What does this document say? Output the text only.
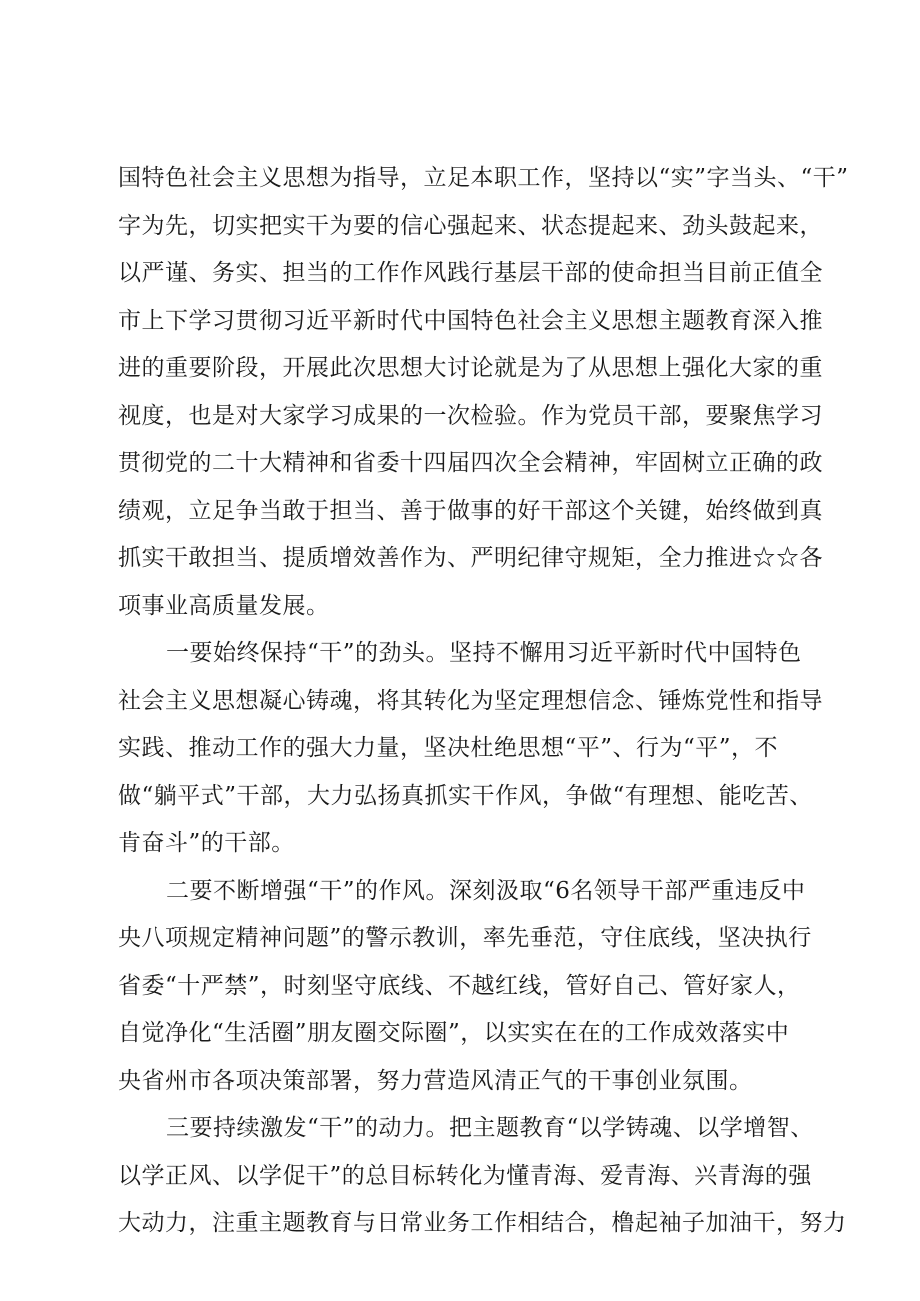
国特色社会主义思想为指导，立足本职工作，坚持以“实”字当头、“干”
字为先，切实把实干为要的信心强起来、状态提起来、劲头鼓起来，
以严谨、务实、担当的工作作风践行基层干部的使命担当目前正值全
市上下学习贯彻习近平新时代中国特色社会主义思想主题教育深入推
进的重要阶段，开展此次思想大讨论就是为了从思想上强化大家的重
视度，也是对大家学习成果的一次检验。作为党员干部，要聚焦学习
贯彻党的二十大精神和省委十四届四次全会精神，牢固树立正确的政
绩观，立足争当敢于担当、善于做事的好干部这个关键，始终做到真
抓实干敢担当、提质增效善作为、严明纪律守规矩，全力推进☆☆各
项事业高质量发展。
一要始终保持“干”的劲头。坚持不懈用习近平新时代中国特色
社会主义思想凝心铸魂，将其转化为坚定理想信念、锤炼党性和指导
实践、推动工作的强大力量，坚决杜绝思想“平”、行为“平”，不
做“躺平式”干部，大力弘扬真抓实干作风，争做“有理想、能吃苦、
肯奋斗”的干部。
二要不断增强“干”的作风。深刻汲取“6名领导干部严重违反中
央八项规定精神问题”的警示教训，率先垂范，守住底线，坚决执行
省委“十严禁”，时刻坚守底线、不越红线，管好自己、管好家人，
自觉净化“生活圈”朋友圈交际圈”，以实实在在的工作成效落实中
央省州市各项决策部署，努力营造风清正气的干事创业氛围。
三要持续激发“干”的动力。把主题教育“以学铸魂、以学增智、
以学正风、以学促干”的总目标转化为懂青海、爱青海、兴青海的强
大动力，注重主题教育与日常业务工作相结合，橹起袖子加油干，努力
